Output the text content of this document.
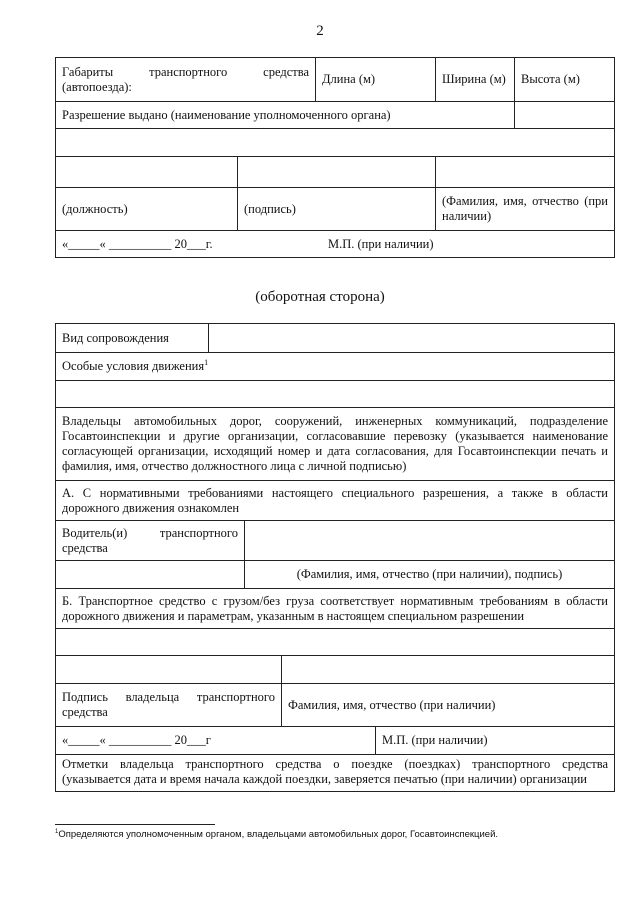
2
Габариты транспортного средства (автопоезда):		Длина (м)	Ширина (м)	Высота (м)
Разрешение выдано (наименование уполномоченного органа)				

(должность)	(подпись)		(Фамилия, имя, отчество (при наличии)	
«_____« __________ 20___г. М.П. (при наличии)				
(оборотная сторона)
Вид сопровождения				
Особые условия движения$^1$

Владельцы автомобильных дорог, сооружений, инженерных коммуникаций, подразделение Госавтоинспекции и другие организации, согласовавшие перевозку (указывается наименование согласующей организации, исходящий номер и дата согласования, для Госавтоинспекции печать и фамилия, имя, отчество должностного лица с личной подписью)				
А. С нормативными требованиями настоящего специального разрешения, а также в области дорожного движения ознакомлен				
Водитель(и) транспортного средства				
		(Фамилия, имя, отчество (при наличии), подпись)		
Б. Транспортное средство с грузом/без груза соответствует нормативным требованиям в области дорожного движения и параметрам, указанным в настоящем специальном разрешении				

Подпись владельца транспортного средства			Фамилия, имя, отчество (при наличии)	
«_____« __________ 20___г				М.П. (при наличии)
Отметки владельца транспортного средства о поездке (поездках) транспортного средства (указывается дата и время начала каждой поездки, заверяется печатью (при наличии) организации				
$^1$Определяются уполномоченным органом, владельцами автомобильных дорог, Госавтоинспекцией.
